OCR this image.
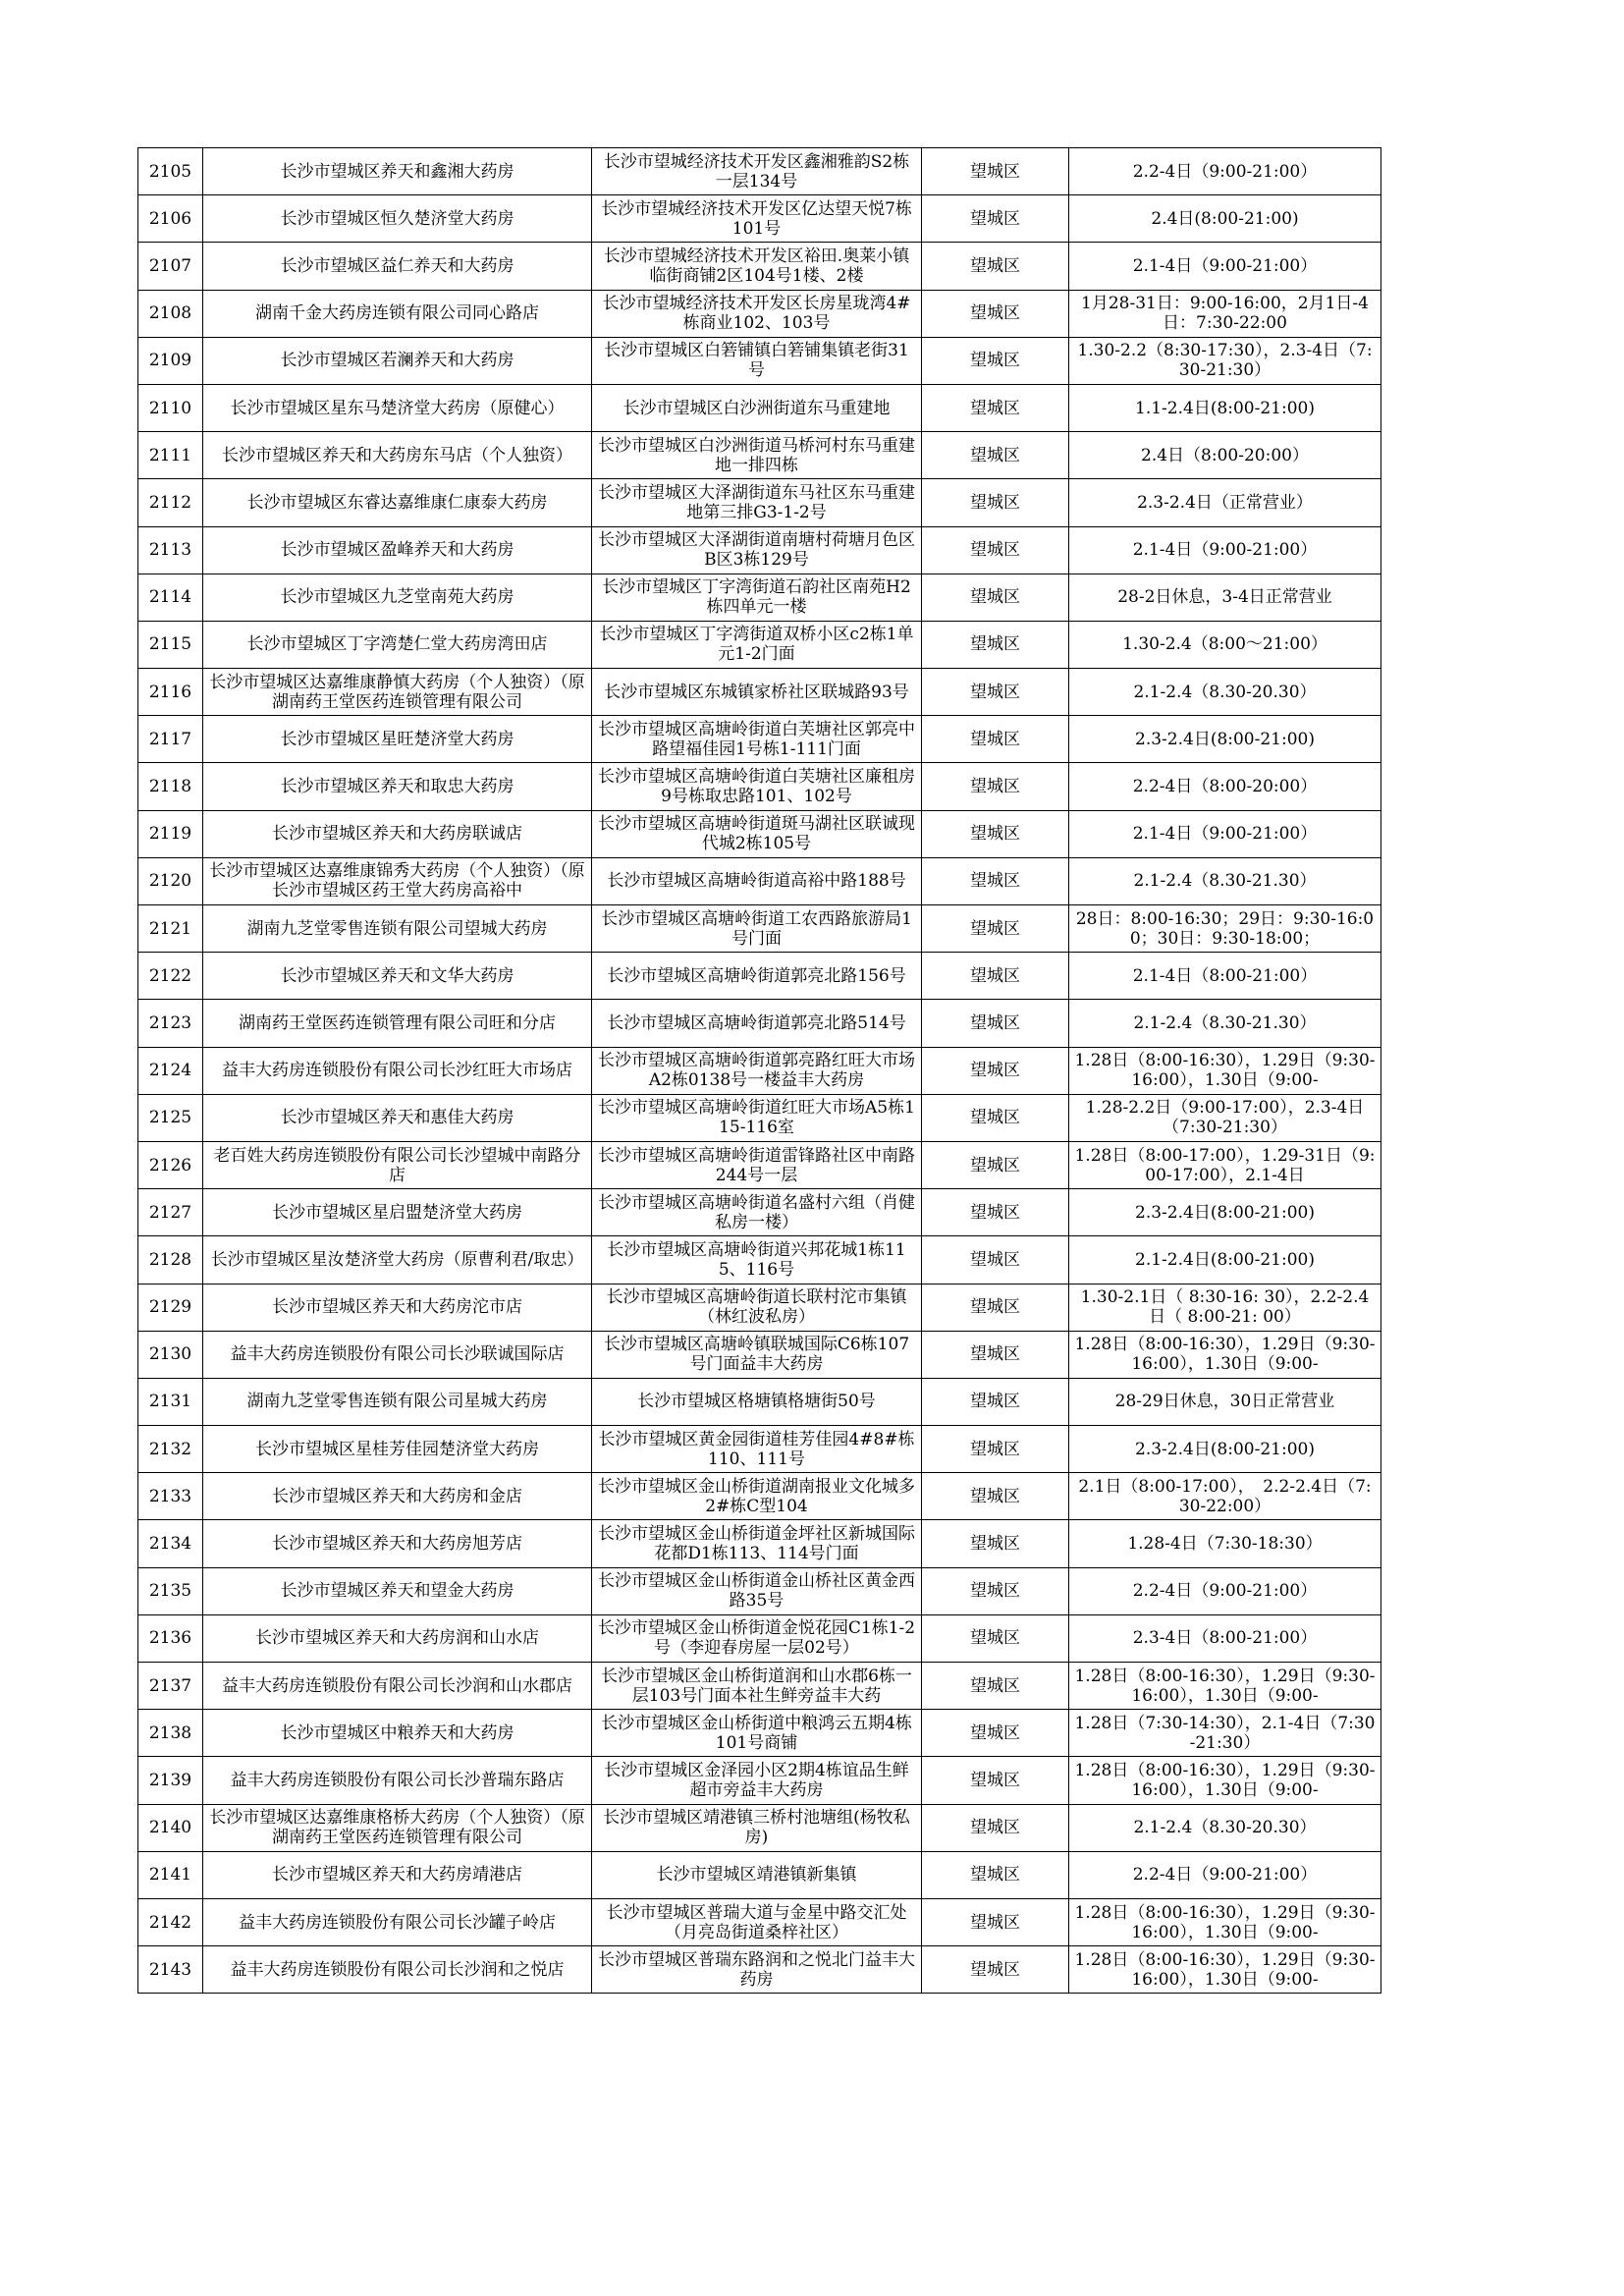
2105	长沙市望城区养天和鑫湘大药房	长沙市望城经济技术开发区鑫湘雅韵S2栋一层134号	望城区	2.2-4日（9:00-21:00）

2106	长沙市望城区恒久楚济堂大药房	长沙市望城经济技术开发区亿达望天悦7栋101号	望城区	2.4日(8:00-21:00)

2107	长沙市望城区益仁养天和大药房	长沙市望城经济技术开发区裕田.奥莱小镇临街商铺2区104号1楼、2楼	望城区	2.1-4日（9:00-21:00）

2108	湖南千金大药房连锁有限公司同心路店	长沙市望城经济技术开发区长房星珑湾4#栋商业102、103号	望城区	1月28-31日：9:00-16:00，2月1日-4日：7:30-22:00

2109	长沙市望城区若澜养天和大药房	长沙市望城区白箬铺镇白箬铺集镇老街31号	望城区	1.30-2.2（8:30-17:30），2.3-4日（7:30-21:30）

2110	长沙市望城区星东马楚济堂大药房（原健心）	长沙市望城区白沙洲街道东马重建地	望城区	1.1-2.4日(8:00-21:00)

2111	长沙市望城区养天和大药房东马店（个人独资）	长沙市望城区白沙洲街道马桥河村东马重建地一排四栋	望城区	2.4日（8:00-20:00）

2112	长沙市望城区东睿达嘉维康仁康泰大药房	长沙市望城区大泽湖街道东马社区东马重建地第三排G3-1-2号	望城区	2.3-2.4日（正常营业）

2113	长沙市望城区盈峰养天和大药房	长沙市望城区大泽湖街道南塘村荷塘月色区B区3栋129号	望城区	2.1-4日（9:00-21:00）

2114	长沙市望城区九芝堂南苑大药房	长沙市望城区丁字湾街道石韵社区南苑H2栋四单元一楼	望城区	28-2日休息，3-4日正常营业

2115	长沙市望城区丁字湾楚仁堂大药房湾田店	长沙市望城区丁字湾街道双桥小区c2栋1单元1-2门面	望城区	1.30-2.4（8:00～21:00）

2116	长沙市望城区达嘉维康静慎大药房（个人独资）（原湖南药王堂医药连锁管理有限公司	长沙市望城区东城镇家桥社区联城路93号	望城区	2.1-2.4（8.30-20.30）

2117	长沙市望城区星旺楚济堂大药房	长沙市望城区高塘岭街道白芙塘社区郭亮中路望福佳园1号栋1-111门面	望城区	2.3-2.4日(8:00-21:00)

2118	长沙市望城区养天和取忠大药房	长沙市望城区高塘岭街道白芙塘社区廉租房9号栋取忠路101、102号	望城区	2.2-4日（8:00-20:00）

2119	长沙市望城区养天和大药房联诚店	长沙市望城区高塘岭街道斑马湖社区联诚现代城2栋105号	望城区	2.1-4日（9:00-21:00）

2120	长沙市望城区达嘉维康锦秀大药房（个人独资）（原长沙市望城区药王堂大药房高裕中	长沙市望城区高塘岭街道高裕中路188号	望城区	2.1-2.4（8.30-21.30）

2121	湖南九芝堂零售连锁有限公司望城大药房	长沙市望城区高塘岭街道工农西路旅游局1号门面	望城区	28日：8:00-16:30；29日：9:30-16:00；30日：9:30-18:00；

2122	长沙市望城区养天和文华大药房	长沙市望城区高塘岭街道郭亮北路156号	望城区	2.1-4日（8:00-21:00）

2123	湖南药王堂医药连锁管理有限公司旺和分店	长沙市望城区高塘岭街道郭亮北路514号	望城区	2.1-2.4（8.30-21.30）

2124	益丰大药房连锁股份有限公司长沙红旺大市场店	长沙市望城区高塘岭街道郭亮路红旺大市场A2栋0138号一楼益丰大药房	望城区	1.28日（8:00-16:30），1.29日（9:30-16:00），1.30日（9:00-

2125	长沙市望城区养天和惠佳大药房	长沙市望城区高塘岭街道红旺大市场A5栋115-116室	望城区	1.28-2.2日（9:00-17:00），2.3-4日（7:30-21:30）

2126	老百姓大药房连锁股份有限公司长沙望城中南路分店	长沙市望城区高塘岭街道雷锋路社区中南路244号一层	望城区	1.28日（8:00-17:00），1.29-31日（9:00-17:00），2.1-4日

2127	长沙市望城区星启盟楚济堂大药房	长沙市望城区高塘岭街道名盛村六组（肖健私房一楼）	望城区	2.3-2.4日(8:00-21:00)

2128	长沙市望城区星汝楚济堂大药房（原曹利君/取忠）	长沙市望城区高塘岭街道兴邦花城1栋115、116号	望城区	2.1-2.4日(8:00-21:00)

2129	长沙市望城区养天和大药房沱市店	长沙市望城区高塘岭街道长联村沱市集镇（林红波私房）	望城区	1.30-2.1日（ 8:30-16: 30），2.2-2.4日（ 8:00-21: 00）

2130	益丰大药房连锁股份有限公司长沙联诚国际店	长沙市望城区高塘岭镇联城国际C6栋107号门面益丰大药房	望城区	1.28日（8:00-16:30），1.29日（9:30-16:00），1.30日（9:00-

2131	湖南九芝堂零售连锁有限公司星城大药房	长沙市望城区格塘镇格塘街50号	望城区	28-29日休息，30日正常营业

2132	长沙市望城区星桂芳佳园楚济堂大药房	长沙市望城区黄金园街道桂芳佳园4#8#栋110、111号	望城区	2.3-2.4日(8:00-21:00)

2133	长沙市望城区养天和大药房和金店	长沙市望城区金山桥街道湖南报业文化城多2#栋C型104	望城区	2.1日（8:00-17:00），　2.2-2.4日（7:30-22:00）

2134	长沙市望城区养天和大药房旭芳店	长沙市望城区金山桥街道金坪社区新城国际花都D1栋113、114号门面	望城区	1.28-4日（7:30-18:30）

2135	长沙市望城区养天和望金大药房	长沙市望城区金山桥街道金山桥社区黄金西路35号	望城区	2.2-4日（9:00-21:00）

2136	长沙市望城区养天和大药房润和山水店	长沙市望城区金山桥街道金悦花园C1栋1-2号（李迎春房屋一层02号）	望城区	2.3-4日（8:00-21:00）

2137	益丰大药房连锁股份有限公司长沙润和山水郡店	长沙市望城区金山桥街道润和山水郡6栋一层103号门面本社生鲜旁益丰大药	望城区	1.28日（8:00-16:30），1.29日（9:30-16:00），1.30日（9:00-

2138	长沙市望城区中粮养天和大药房	长沙市望城区金山桥街道中粮鸿云五期4栋101号商铺	望城区	1.28日（7:30-14:30），2.1-4日（7:30-21:30）

2139	益丰大药房连锁股份有限公司长沙普瑞东路店	长沙市望城区金泽园小区2期4栋谊品生鲜超市旁益丰大药房	望城区	1.28日（8:00-16:30），1.29日（9:30-16:00），1.30日（9:00-

2140	长沙市望城区达嘉维康格桥大药房（个人独资）（原湖南药王堂医药连锁管理有限公司	长沙市望城区靖港镇三桥村池塘组(杨牧私房)	望城区	2.1-2.4（8.30-20.30）

2141	长沙市望城区养天和大药房靖港店	长沙市望城区靖港镇新集镇	望城区	2.2-4日（9:00-21:00）

2142	益丰大药房连锁股份有限公司长沙罐子岭店	长沙市望城区普瑞大道与金星中路交汇处（月亮岛街道桑梓社区）	望城区	1.28日（8:00-16:30），1.29日（9:30-16:00），1.30日（9:00-

2143	益丰大药房连锁股份有限公司长沙润和之悦店	长沙市望城区普瑞东路润和之悦北门益丰大药房	望城区	1.28日（8:00-16:30），1.29日（9:30-16:00），1.30日（9:00-
